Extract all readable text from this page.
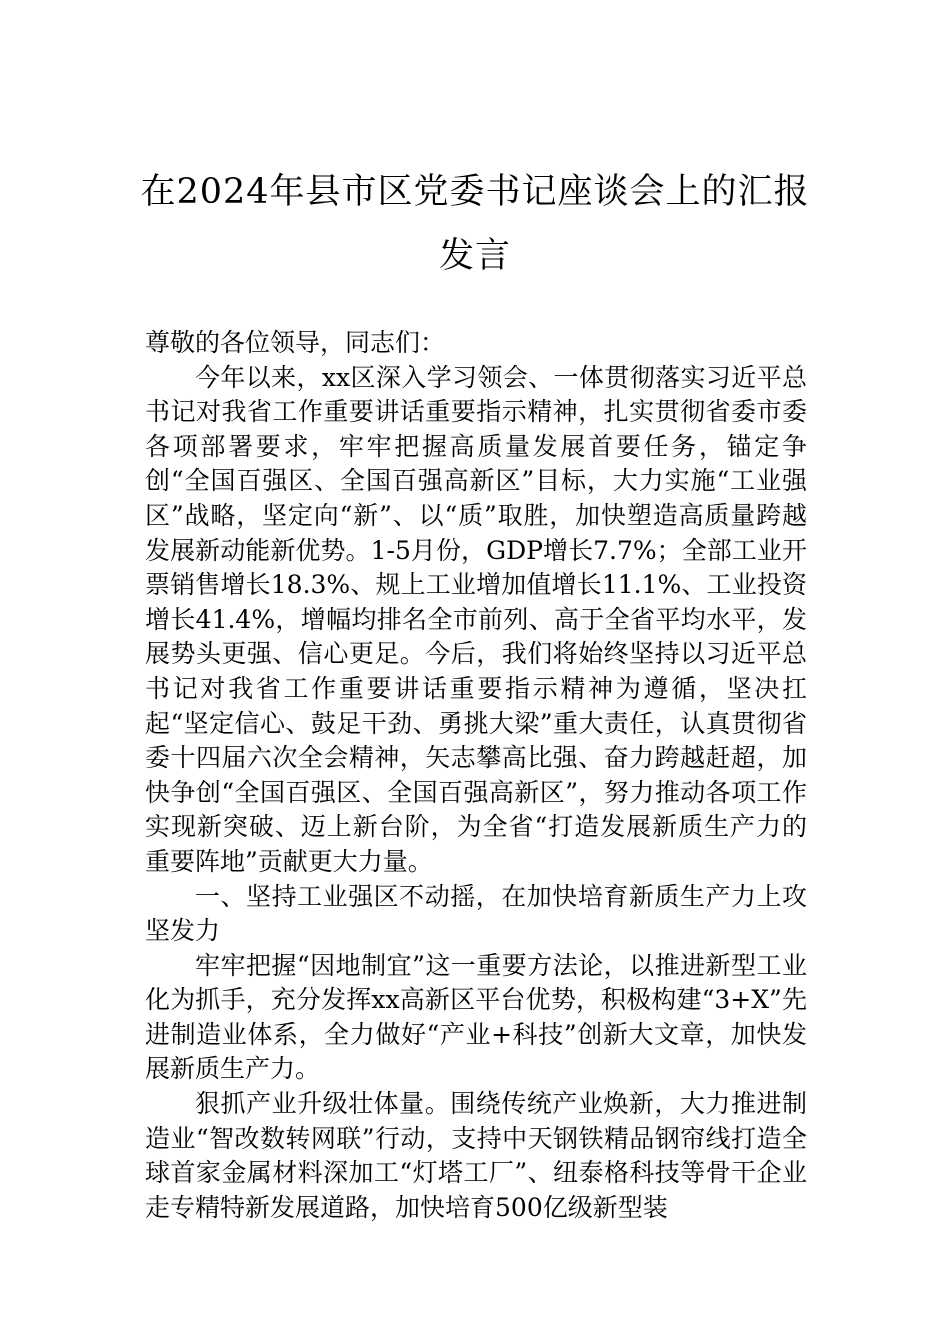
在2024年县市区党委书记座谈会上的汇报
发言

尊敬的各位领导，同志们：

今年以来，xx区深入学习领会、一体贯彻落实习近平总书记对我省工作重要讲话重要指示精神，扎实贯彻省委市委各项部署要求，牢牢把握高质量发展首要任务，锚定争创“全国百强区、全国百强高新区”目标，大力实施“工业强区”战略，坚定向“新”、以“质”取胜，加快塑造高质量跨越发展新动能新优势。1-5月份，GDP增长7.7%；全部工业开票销售增长18.3%、规上工业增加值增长11.1%、工业投资增长41.4%，增幅均排名全市前列、高于全省平均水平，发展势头更强、信心更足。今后，我们将始终坚持以习近平总书记对我省工作重要讲话重要指示精神为遵循，坚决扛起“坚定信心、鼓足干劲、勇挑大梁”重大责任，认真贯彻省委十四届六次全会精神，矢志攀高比强、奋力跨越赶超，加快争创“全国百强区、全国百强高新区”，努力推动各项工作实现新突破、迈上新台阶，为全省“打造发展新质生产力的重要阵地”贡献更大力量。

一、坚持工业强区不动摇，在加快培育新质生产力上攻坚发力

牢牢把握“因地制宜”这一重要方法论，以推进新型工业化为抓手，充分发挥xx高新区平台优势，积极构建“3+X”先进制造业体系，全力做好“产业+科技”创新大文章，加快发展新质生产力。

狠抓产业升级壮体量。围绕传统产业焕新，大力推进制造业“智改数转网联”行动，支持中天钢铁精品钢帘线打造全球首家金属材料深加工“灯塔工厂”、纽泰格科技等骨干企业走专精特新发展道路，加快培育500亿级新型装
